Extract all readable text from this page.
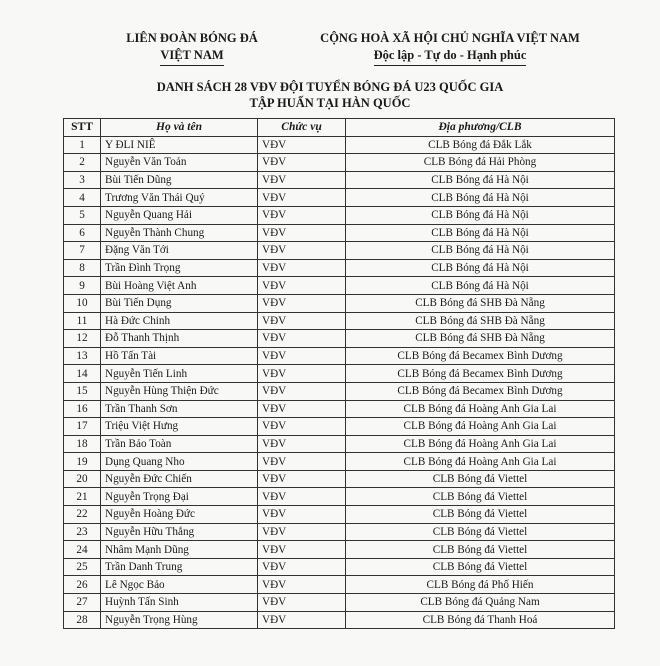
LIÊN ĐOÀN BÓNG ĐÁ
VIỆT NAM
CỘNG HOÀ XÃ HỘI CHỦ NGHĨA VIỆT NAM
Độc lập - Tự do - Hạnh phúc
DANH SÁCH 28 VĐV ĐỘI TUYỂN BÓNG ĐÁ U23 QUỐC GIA
TẬP HUẤN TẠI HÀN QUỐC
STT	Họ và tên	Chức vụ	Địa phương/CLB
1	Y ĐLI NIÊ	VĐV	CLB Bóng đá Đắk Lắk
2	Nguyễn Văn Toản	VĐV	CLB Bóng đá Hải Phòng
3	Bùi Tiến Dũng	VĐV	CLB Bóng đá Hà Nội
4	Trương Văn Thái Quý	VĐV	CLB Bóng đá Hà Nội
5	Nguyễn Quang Hải	VĐV	CLB Bóng đá Hà Nội
6	Nguyễn Thành Chung	VĐV	CLB Bóng đá Hà Nội
7	Đặng Văn Tới	VĐV	CLB Bóng đá Hà Nội
8	Trần Đình Trọng	VĐV	CLB Bóng đá Hà Nội
9	Bùi Hoàng Việt Anh	VĐV	CLB Bóng đá Hà Nội
10	Bùi Tiến Dụng	VĐV	CLB Bóng đá SHB Đà Nẵng
11	Hà Đức Chinh	VĐV	CLB Bóng đá SHB Đà Nẵng
12	Đỗ Thanh Thịnh	VĐV	CLB Bóng đá SHB Đà Nẵng
13	Hồ Tấn Tài	VĐV	CLB Bóng đá Becamex Bình Dương
14	Nguyễn Tiến Linh	VĐV	CLB Bóng đá Becamex Bình Dương
15	Nguyễn Hùng Thiện Đức	VĐV	CLB Bóng đá Becamex Bình Dương
16	Trần Thanh Sơn	VĐV	CLB Bóng đá Hoàng Anh Gia Lai
17	Triệu Việt Hưng	VĐV	CLB Bóng đá Hoàng Anh Gia Lai
18	Trần Bảo Toàn	VĐV	CLB Bóng đá Hoàng Anh Gia Lai
19	Dụng Quang Nho	VĐV	CLB Bóng đá Hoàng Anh Gia Lai
20	Nguyễn Đức Chiến	VĐV	CLB Bóng đá Viettel
21	Nguyễn Trọng Đại	VĐV	CLB Bóng đá Viettel
22	Nguyễn Hoàng Đức	VĐV	CLB Bóng đá Viettel
23	Nguyễn Hữu Thắng	VĐV	CLB Bóng đá Viettel
24	Nhâm Mạnh Dũng	VĐV	CLB Bóng đá Viettel
25	Trần Danh Trung	VĐV	CLB Bóng đá Viettel
26	Lê Ngọc Bảo	VĐV	CLB Bóng đá Phố Hiến
27	Huỳnh Tấn Sinh	VĐV	CLB Bóng đá Quảng Nam
28	Nguyễn Trọng Hùng	VĐV	CLB Bóng đá Thanh Hoá
